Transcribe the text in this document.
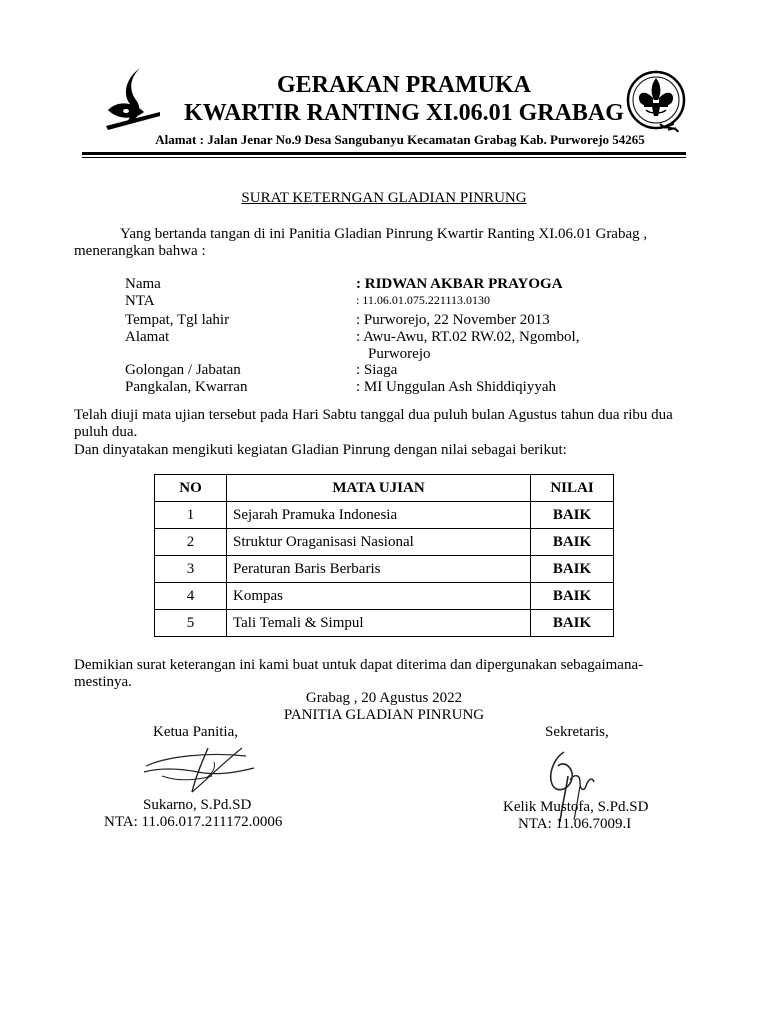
GERAKAN PRAMUKA
KWARTIR RANTING XI.06.01 GRABAG
Alamat : Jalan Jenar No.9 Desa Sangubanyu Kecamatan Grabag Kab. Purworejo 54265
SURAT KETERNGAN GLADIAN PINRUNG
Yang bertanda tangan di ini Panitia Gladian Pinrung Kwartir Ranting XI.06.01 Grabag , menerangkan bahwa :
Nama	: RIDWAN AKBAR PRAYOGA
NTA	: 11.06.01.075.221113.0130
Tempat, Tgl lahir	: Purworejo, 22 November 2013
Alamat	: Awu-Awu, RT.02 RW.02, Ngombol,
Purworejo
Golongan / Jabatan	: Siaga
Pangkalan, Kwarran	: MI Unggulan Ash Shiddiqiyyah
Telah diuji mata ujian tersebut pada Hari Sabtu tanggal dua puluh bulan Agustus tahun dua ribu dua puluh dua.
Dan dinyatakan mengikuti kegiatan Gladian Pinrung dengan nilai sebagai berikut:
NO	MATA UJIAN	NILAI
1	Sejarah Pramuka Indonesia	BAIK
2	Struktur Oraganisasi Nasional	BAIK
3	Peraturan Baris Berbaris	BAIK
4	Kompas	BAIK
5	Tali Temali & Simpul	BAIK
Demikian surat keterangan ini kami buat untuk dapat diterima dan dipergunakan sebagaimana-mestinya.
Grabag , 20 Agustus 2022
PANITIA GLADIAN PINRUNG
Ketua Panitia,
Sukarno, S.Pd.SD
NTA: 11.06.017.211172.0006
Sekretaris,
Kelik Mustofa, S.Pd.SD
NTA: 11.06.7009.I
